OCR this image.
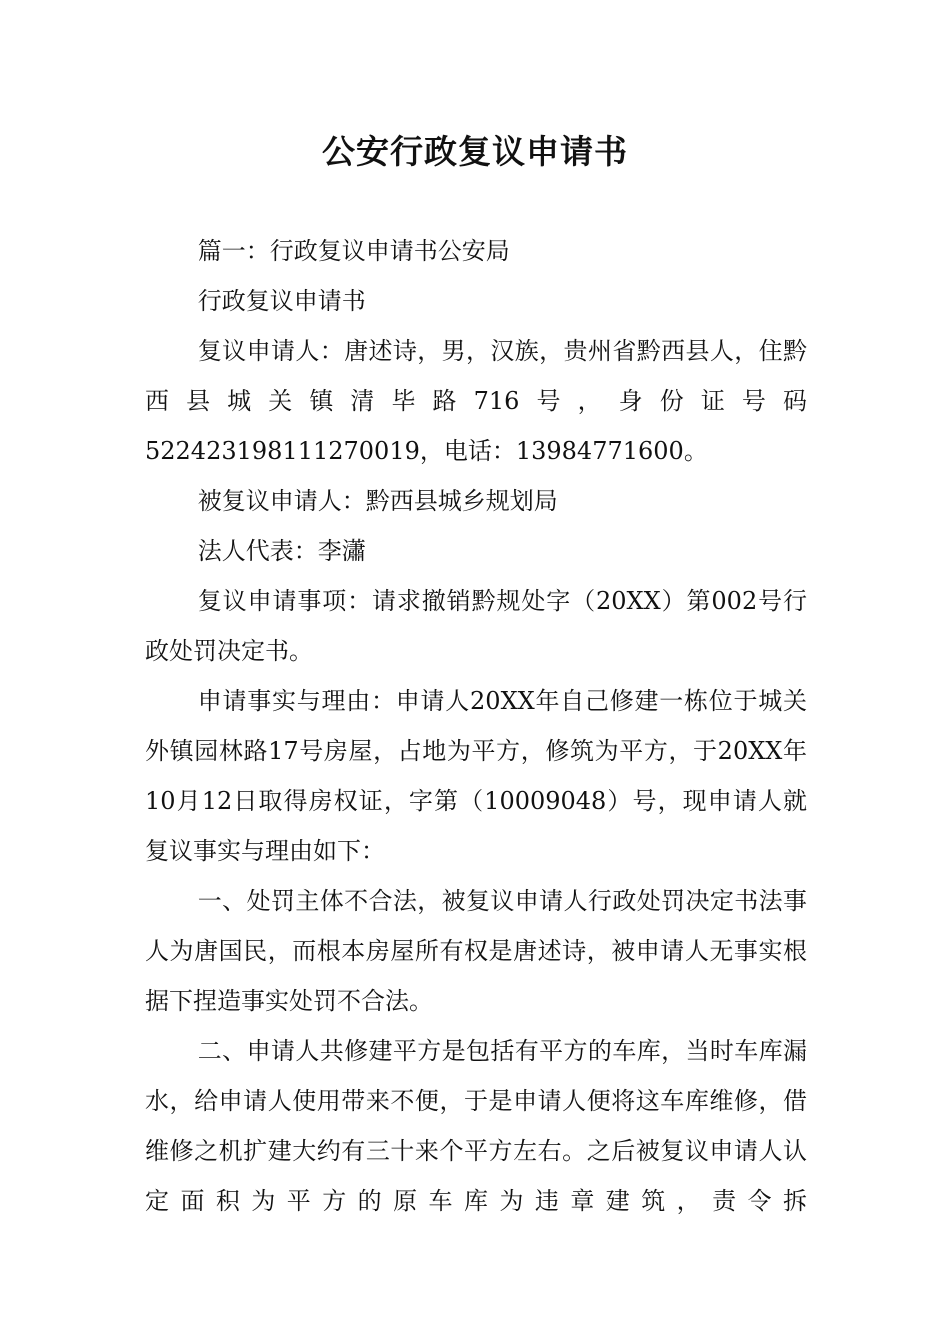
公安行政复议申请书

篇一：行政复议申请书公安局

行政复议申请书

复议申请人：唐述诗，男，汉族，贵州省黔西县人，住黔西县城关镇清毕路716号，身份证号码522423198111270019，电话：13984771600。

被复议申请人：黔西县城乡规划局

法人代表：李瀟

复议申请事项：请求撤销黔规处字（20XX）第002号行政处罚决定书。

申请事实与理由：申请人20XX年自己修建一栋位于城关外镇园林路17号房屋，占地为平方，修筑为平方，于20XX年10月12日取得房权证，字第（10009048）号，现申请人就复议事实与理由如下：

一、处罚主体不合法，被复议申请人行政处罚决定书法事人为唐国民，而根本房屋所有权是唐述诗，被申请人无事实根据下捏造事实处罚不合法。

二、申请人共修建平方是包括有平方的车库，当时车库漏水，给申请人使用带来不便，于是申请人便将这车库维修，借维修之机扩建大约有三十来个平方左右。之后被复议申请人认定面积为平方的原车库为违章建筑，责令拆
